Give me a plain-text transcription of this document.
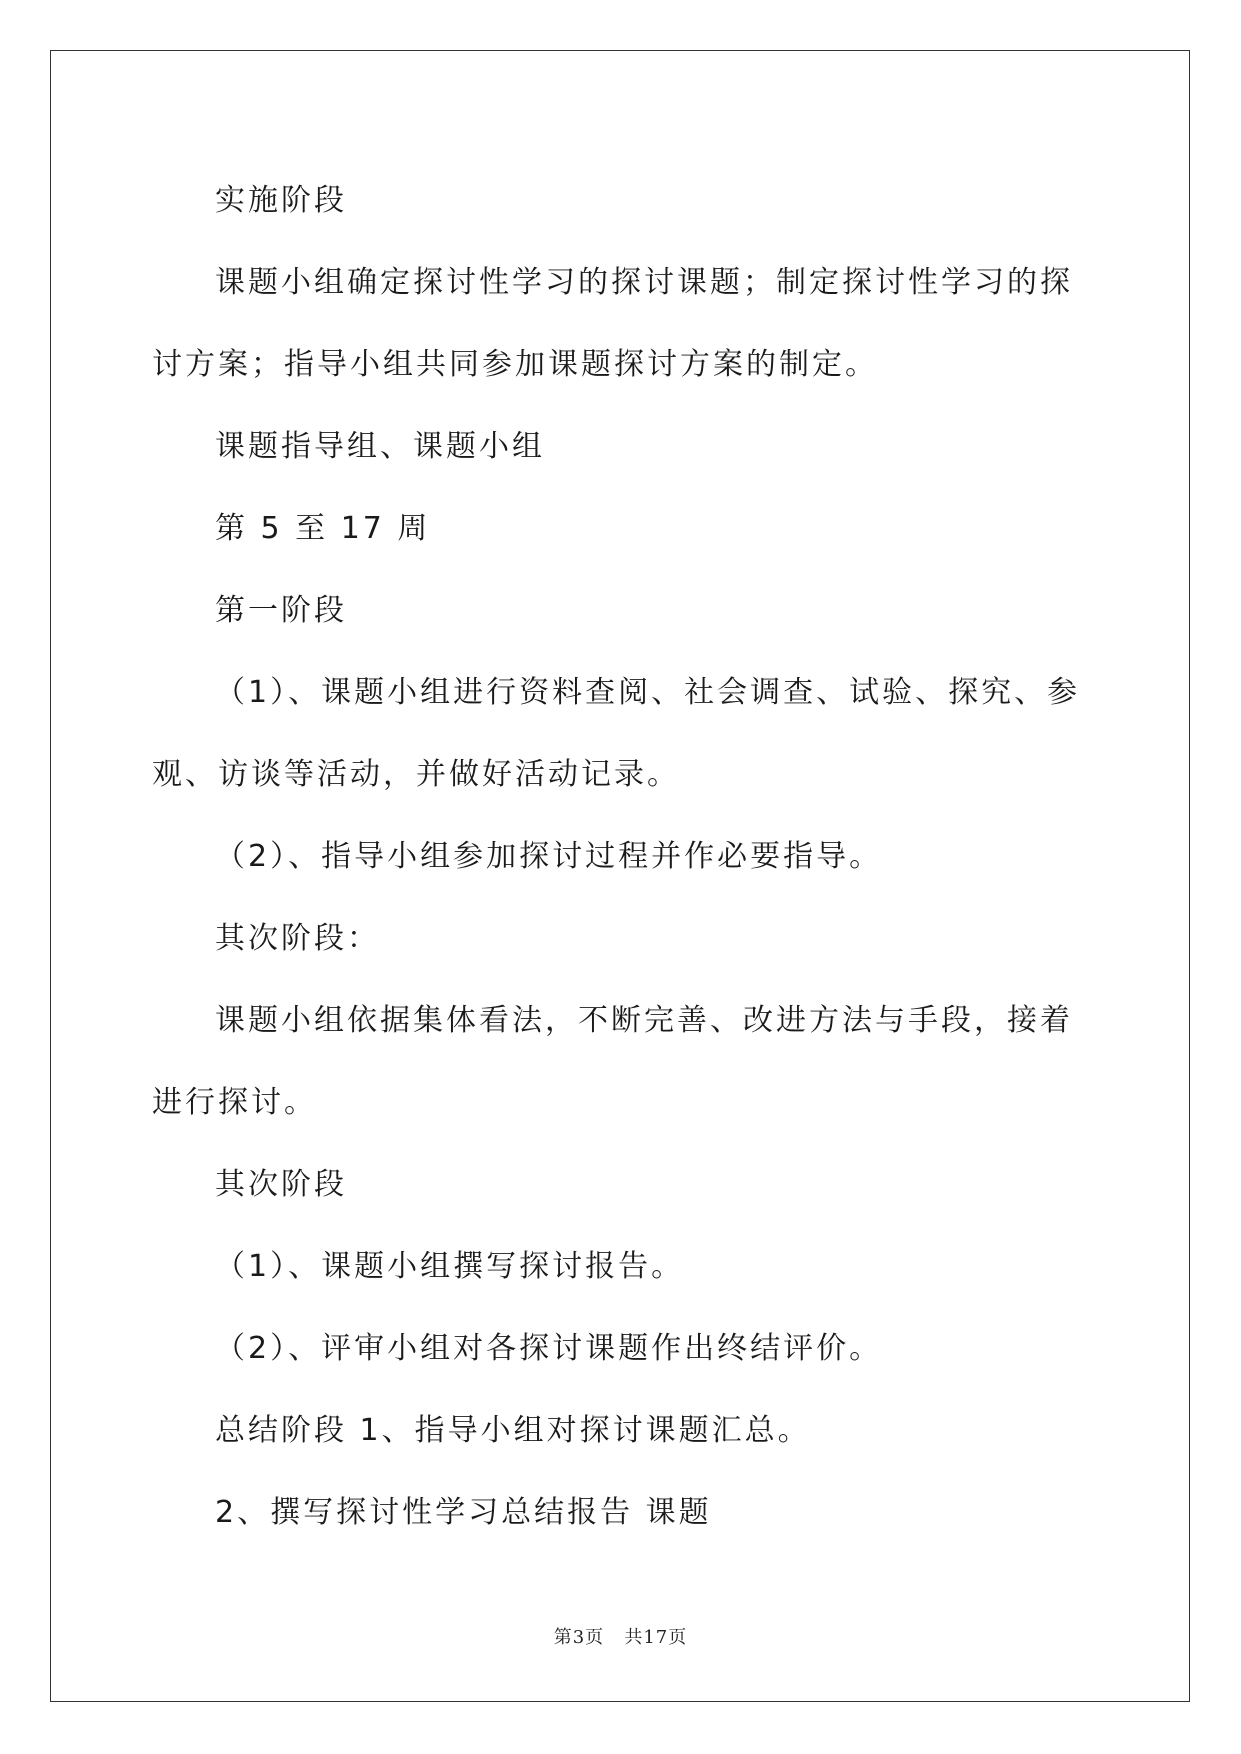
实施阶段

课题小组确定探讨性学习的探讨课题；制定探讨性学习的探讨方案；指导小组共同参加课题探讨方案的制定。

课题指导组、课题小组

第 5 至 17 周

第一阶段

（1）、课题小组进行资料查阅、社会调查、试验、探究、参观、访谈等活动，并做好活动记录。

（2）、指导小组参加探讨过程并作必要指导。

其次阶段：

课题小组依据集体看法，不断完善、改进方法与手段，接着进行探讨。

其次阶段

（1）、课题小组撰写探讨报告。

（2）、评审小组对各探讨课题作出终结评价。

总结阶段 1、指导小组对探讨课题汇总。

2、撰写探讨性学习总结报告 课题

第3页 共17页
